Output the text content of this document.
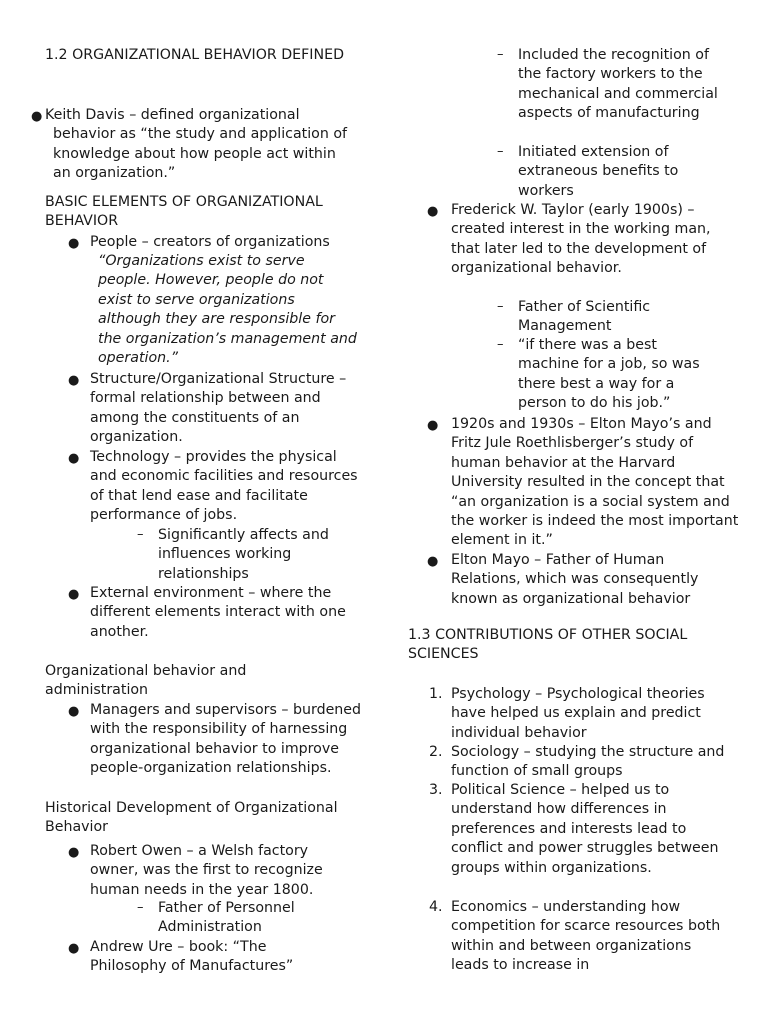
1.2 ORGANIZATIONAL BEHAVIOR DEFINED

● Keith Davis – defined organizational behavior as “the study and application of knowledge about how people act within an organization.”

BASIC ELEMENTS OF ORGANIZATIONAL BEHAVIOR

● People – creators of organizations

“Organizations exist to serve people. However, people do not exist to serve organizations although they are responsible for the organization’s management and operation.”

● Structure/Organizational Structure – formal relationship between and among the constituents of an organization.

● Technology – provides the physical and economic facilities and resources of that lend ease and facilitate performance of jobs.

– Significantly affects and influences working relationships

● External environment – where the different elements interact with one another.

Organizational behavior and administration

● Managers and supervisors – burdened with the responsibility of harnessing organizational behavior to improve people-organization relationships.

Historical Development of Organizational Behavior

● Robert Owen – a Welsh factory owner, was the first to recognize human needs in the year 1800.

– Father of Personnel Administration

● Andrew Ure – book: “The Philosophy of Manufactures”

– Included the recognition of the factory workers to the mechanical and commercial aspects of manufacturing

– Initiated extension of extraneous benefits to workers

● Frederick W. Taylor (early 1900s) – created interest in the working man, that later led to the development of organizational behavior.

– Father of Scientific Management

– “if there was a best machine for a job, so was there best a way for a person to do his job.”

● 1920s and 1930s – Elton Mayo’s and Fritz Jule Roethlisberger’s study of human behavior at the Harvard University resulted in the concept that “an organization is a social system and the worker is indeed the most important element in it.”

● Elton Mayo – Father of Human Relations, which was consequently known as organizational behavior

1.3 CONTRIBUTIONS OF OTHER SOCIAL SCIENCES

1. Psychology – Psychological theories have helped us explain and predict individual behavior

2. Sociology – studying the structure and function of small groups

3. Political Science – helped us to understand how differences in preferences and interests lead to conflict and power struggles between groups within organizations.

4. Economics – understanding how competition for scarce resources both within and between organizations leads to increase in
